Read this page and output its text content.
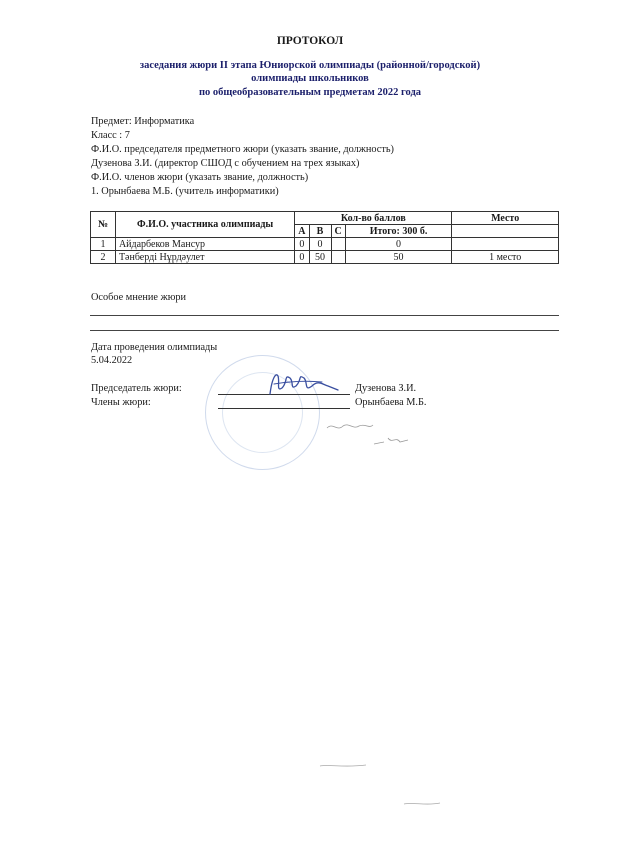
ПРОТОКОЛ
заседания жюри II этапа Юниорской олимпиады (районной/городской)
олимпиады школьников
по общеобразовательным предметам 2022 года
Предмет: Информатика
Класс : 7
Ф.И.О. председателя предметного жюри (указать звание, должность)
Дузенова З.И. (директор СШОД с обучением на трех языках)
Ф.И.О. членов жюри (указать звание, должность)
1. Орынбаева М.Б. (учитель информатики)
№	Ф.И.О. участника олимпиады	Кол-во баллов				Место
		A	B	C	Итого: 300 б.	
1	Айдарбеков Мансур	0	0		0	
2	Тәнберді Нұрдәулет	0	50		50	1 место
Особое мнение жюри
Дата проведения олимпиады
5.04.2022
Председатель жюри:	Дузенова З.И.
Члены жюри:	Орынбаева М.Б.
